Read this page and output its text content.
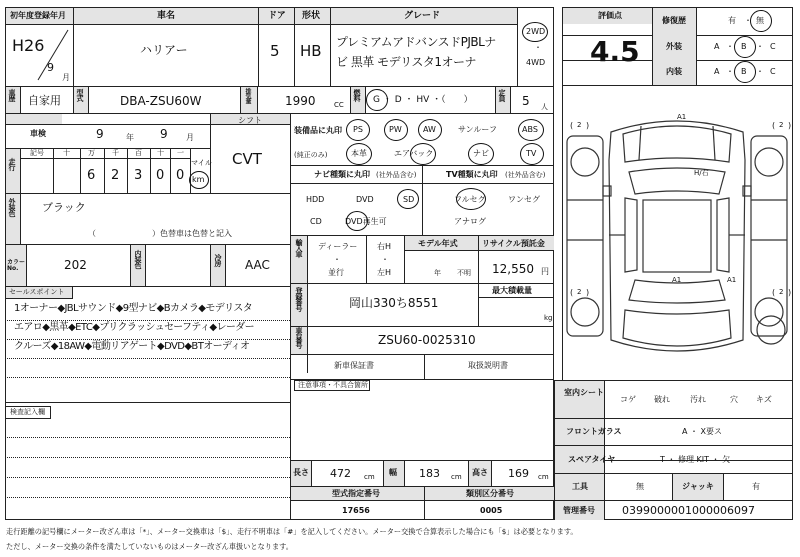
初年度登録年月
H26
9
月
車名
ハリアー
ドア
5
形状
HB
グレード
プレミアムアドバンスドPJBLナ
ビ 黒革 モデリスタ1オーナ
2WD
・
4WD
車歴 自家用 型式	DBA-ZSU60W	排気量	1990	CC
燃料 G ・ D ・ HV ・（　　）	定員 5 人
車検	9	年 9 月
シフト
CVT
走行
記号	十	万 千 百 十 一
6 2 3 0 0
マイル
km
外装色 ブラック
（　　　　　　　）色替車は色替と記入
カラーNo.	202	内装色	冷房 AAC
セールスポイント
1オーナー◆JBLサウンド◆9型ナビ◆Bカメラ◆モデリスタ
エアロ◆黒革◆ETC◆プリクラッシュセーフティ◆レーダー
クルーズ◆18AW◆電動リアゲート◆DVD◆BTオーディオ
検査記入欄
装備品に丸印
(純正のみ)
PS	PW	AW	サンルーフ	ABS
本革	エアバック	ナビ	TV
ナビ種類に丸印 (社外品含む)
HDD	DVD	SD
CD	DVD再生可
TV種類に丸印 (社外品含む)
フルセグ	ワンセグ
アナログ
輸入車 ディーラー
・
並行
右H
・
左H
モデル年式
年 不明
リサイクル預託金
12,550 円
登録番号	岡山330ち8551
最大積載量
kg
車台番号	ZSU60-0025310
新車保証書	取扱説明書
注意事項・不具合箇所
長さ 472 cm 幅 183 cm 高さ 169 cm
型式指定番号	類別区分番号
17656	0005
評価点
4.5
修復歴	有 ・ 無
外装	A ・ B ・ C
内装	A ・ B ・ C
A1
A1	A1
H/右
( 2 )	( 2 )
( 2 )	( 2 )
室内シート
コゲ 破れ	汚れ	穴 キズ
フロントガラス	A ・ X要ス
スペアタイヤ	T ・ 修理 KIT ・ 欠
工具	無	ジャッキ	有
管理番号 0399000001000006097
走行距離の記号欄にメーター改ざん車は「*」、メーター交換車は「$」、走行不明車は「#」を記入してください。メーター交換で合算表示した場合にも「$」は必要となります。
ただし、メーター交換の条件を満たしていないものはメーター改ざん車扱いとなります。
